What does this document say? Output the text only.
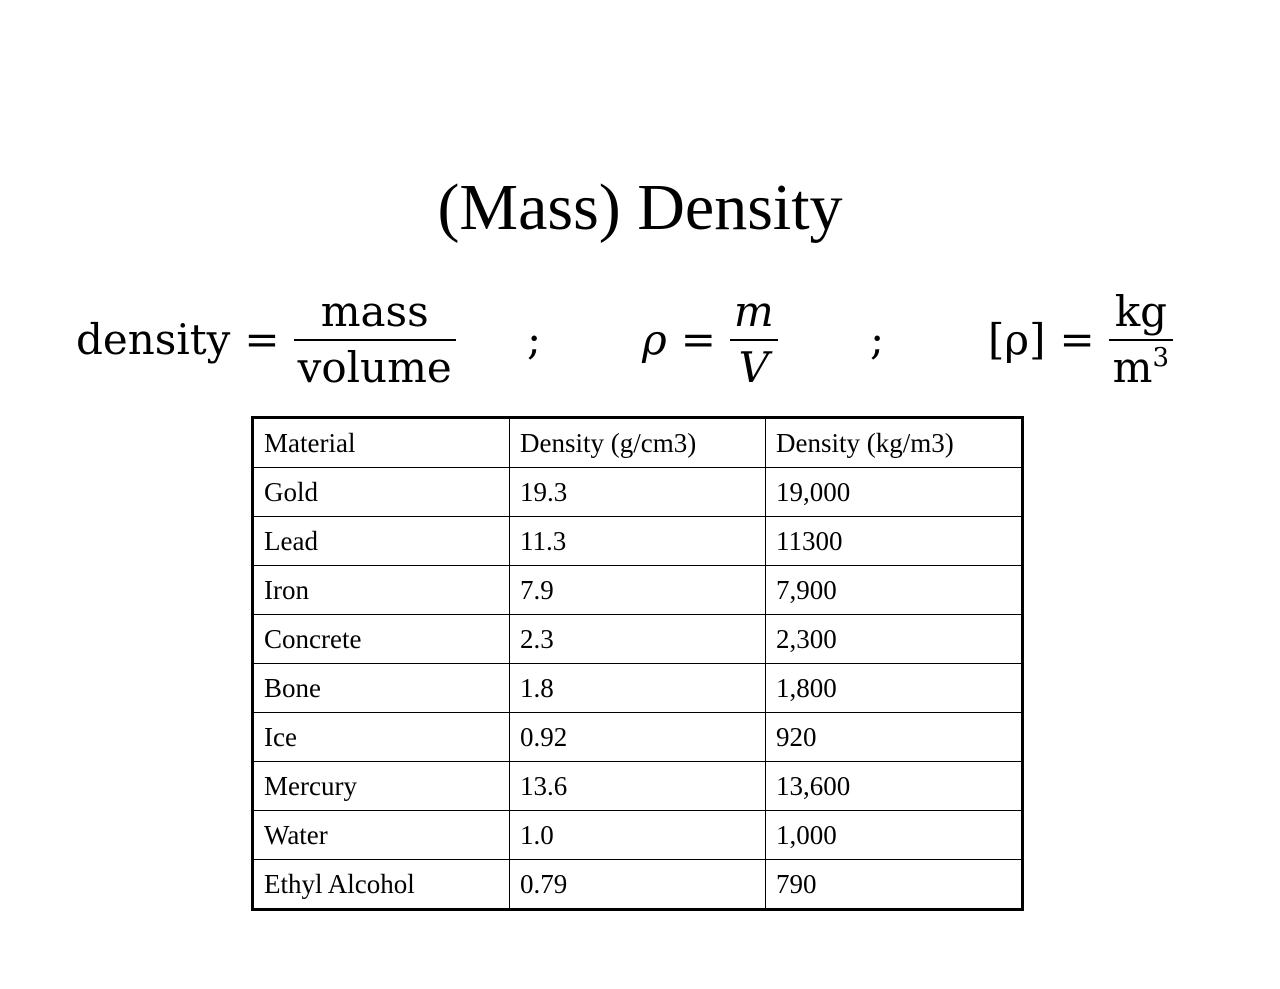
(Mass) Density
density = $\frac{\text{mass}}{\text{volume}}$ ; $\rho = \frac{m}{V}$ ; $[\rho] = \frac{kg}{m^3}$
Material	Density (g/cm3)	Density (kg/m3)
Gold	19.3	19,000
Lead	11.3	11300
Iron	7.9	7,900
Concrete	2.3	2,300
Bone	1.8	1,800
Ice	0.92	920
Mercury	13.6	13,600
Water	1.0	1,000
Ethyl Alcohol	0.79	790
